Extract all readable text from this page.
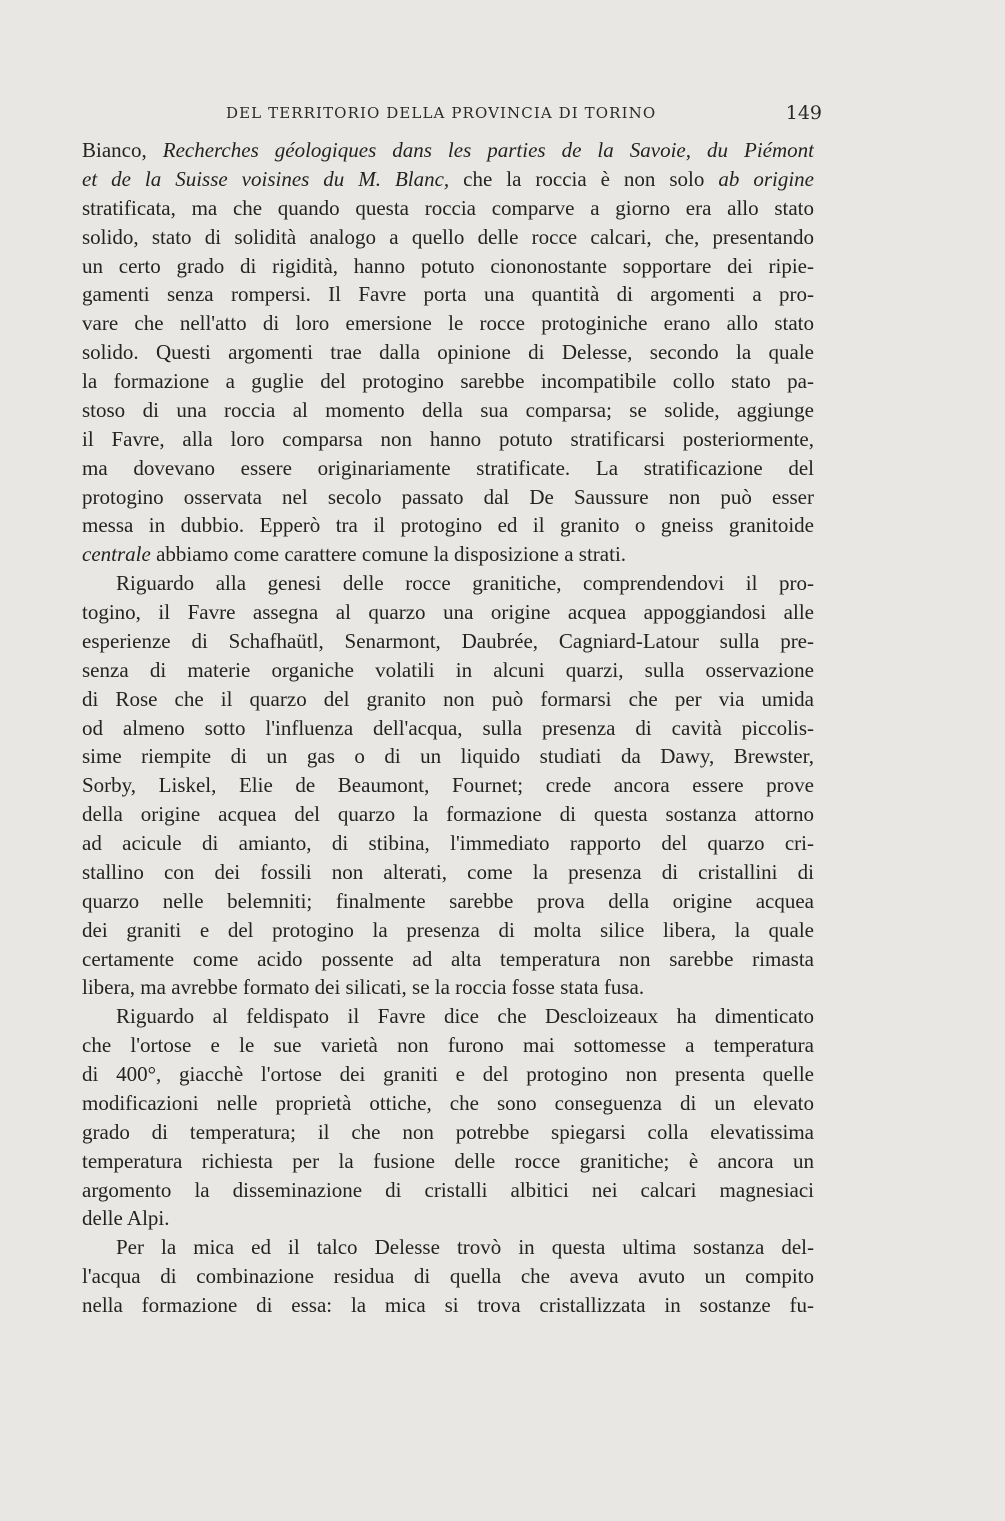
DEL TERRITORIO DELLA PROVINCIA DI TORINO	149
Bianco, Recherches géologiques dans les parties de la Savoie, du Piémont
et de la Suisse voisines du M. Blanc, che la roccia è non solo ab origine
stratificata, ma che quando questa roccia comparve a giorno era allo stato
solido, stato di solidità analogo a quello delle rocce calcari, che, presentando
un certo grado di rigidità, hanno potuto ciononostante sopportare dei ripie-
gamenti senza rompersi. Il Favre porta una quantità di argomenti a pro-
vare che nell'atto di loro emersione le rocce protoginiche erano allo stato
solido. Questi argomenti trae dalla opinione di Delesse, secondo la quale
la formazione a guglie del protogino sarebbe incompatibile collo stato pa-
stoso di una roccia al momento della sua comparsa; se solide, aggiunge
il Favre, alla loro comparsa non hanno potuto stratificarsi posteriormente,
ma dovevano essere originariamente stratificate. La stratificazione del
protogino osservata nel secolo passato dal De Saussure non può esser
messa in dubbio. Epperò tra il protogino ed il granito o gneiss granitoide
centrale abbiamo come carattere comune la disposizione a strati.
Riguardo alla genesi delle rocce granitiche, comprendendovi il pro-
togino, il Favre assegna al quarzo una origine acquea appoggiandosi alle
esperienze di Schafhaütl, Senarmont, Daubrée, Cagniard-Latour sulla pre-
senza di materie organiche volatili in alcuni quarzi, sulla osservazione
di Rose che il quarzo del granito non può formarsi che per via umida
od almeno sotto l'influenza dell'acqua, sulla presenza di cavità piccolis-
sime riempite di un gas o di un liquido studiati da Dawy, Brewster,
Sorby, Liskel, Elie de Beaumont, Fournet; crede ancora essere prove
della origine acquea del quarzo la formazione di questa sostanza attorno
ad acicule di amianto, di stibina, l'immediato rapporto del quarzo cri-
stallino con dei fossili non alterati, come la presenza di cristallini di
quarzo nelle belemniti; finalmente sarebbe prova della origine acquea
dei graniti e del protogino la presenza di molta silice libera, la quale
certamente come acido possente ad alta temperatura non sarebbe rimasta
libera, ma avrebbe formato dei silicati, se la roccia fosse stata fusa.
Riguardo al feldispato il Favre dice che Descloizeaux ha dimenticato
che l'ortose e le sue varietà non furono mai sottomesse a temperatura
di 400°, giacchè l'ortose dei graniti e del protogino non presenta quelle
modificazioni nelle proprietà ottiche, che sono conseguenza di un elevato
grado di temperatura; il che non potrebbe spiegarsi colla elevatissima
temperatura richiesta per la fusione delle rocce granitiche; è ancora un
argomento la disseminazione di cristalli albitici nei calcari magnesiaci
delle Alpi.
Per la mica ed il talco Delesse trovò in questa ultima sostanza del-
l'acqua di combinazione residua di quella che aveva avuto un compito
nella formazione di essa: la mica si trova cristallizzata in sostanze fu-
